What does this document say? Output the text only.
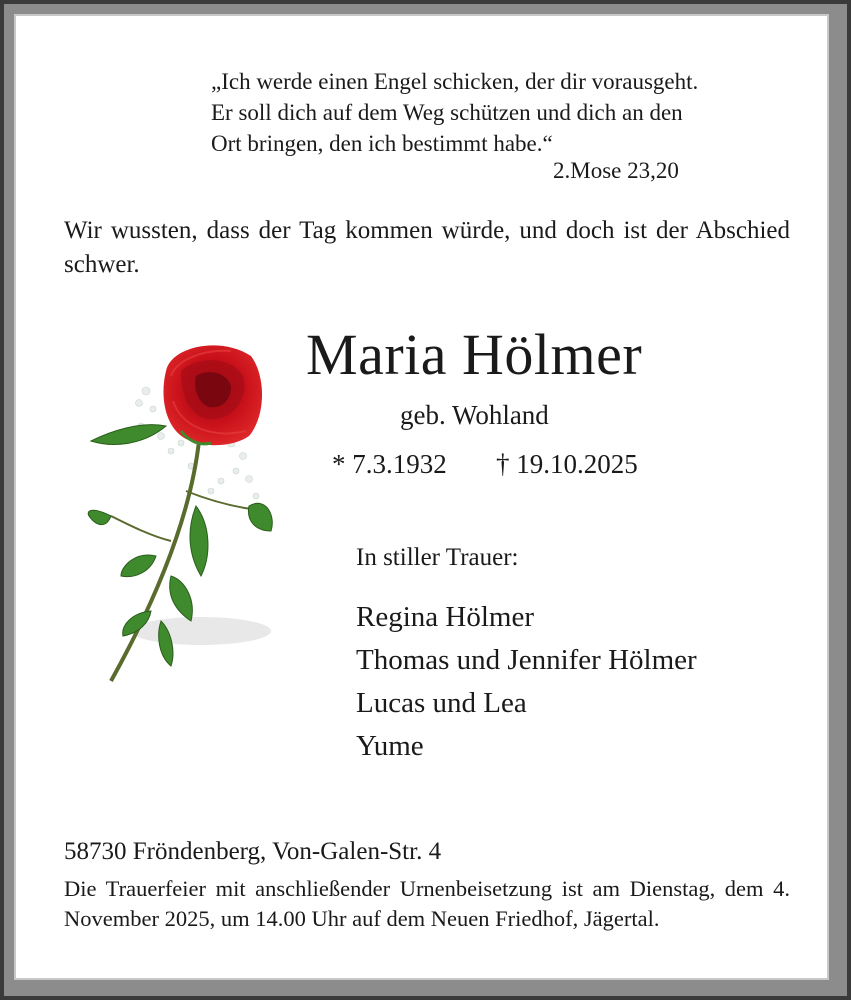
„Ich werde einen Engel schicken, der dir vorausgeht.
Er soll dich auf dem Weg schützen und dich an den
Ort bringen, den ich bestimmt habe.“
2.Mose 23,20
Wir wussten, dass der Tag kommen würde, und doch ist der Abschied schwer.
Maria Hölmer
geb. Wohland
* 7.3.1932 † 19.10.2025
In stiller Trauer:
Regina Hölmer
Thomas und Jennifer Hölmer
Lucas und Lea
Yume
58730 Fröndenberg, Von-Galen-Str. 4
Die Trauerfeier mit anschließender Urnenbeisetzung ist am Dienstag, dem 4. November 2025, um 14.00 Uhr auf dem Neuen Friedhof, Jägertal.
